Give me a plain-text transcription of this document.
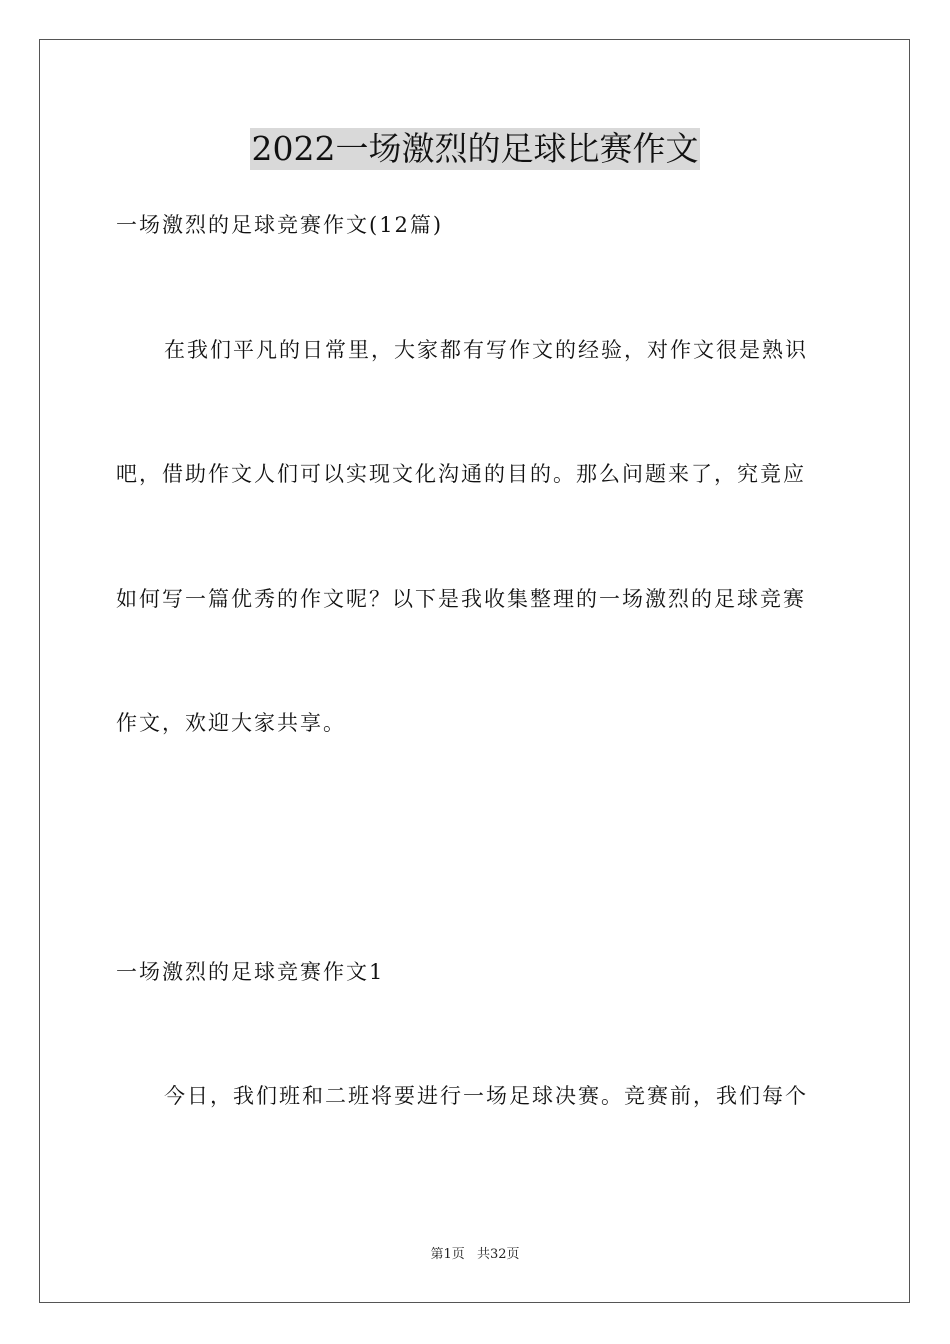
2022一场激烈的足球比赛作文
一场激烈的足球竞赛作文(12篇)
在我们平凡的日常里，大家都有写作文的经验，对作文很是熟识
吧，借助作文人们可以实现文化沟通的目的。那么问题来了，究竟应
如何写一篇优秀的作文呢？以下是我收集整理的一场激烈的足球竞赛
作文，欢迎大家共享。
一场激烈的足球竞赛作文1
今日，我们班和二班将要进行一场足球决赛。竞赛前，我们每个
第1页 共32页
